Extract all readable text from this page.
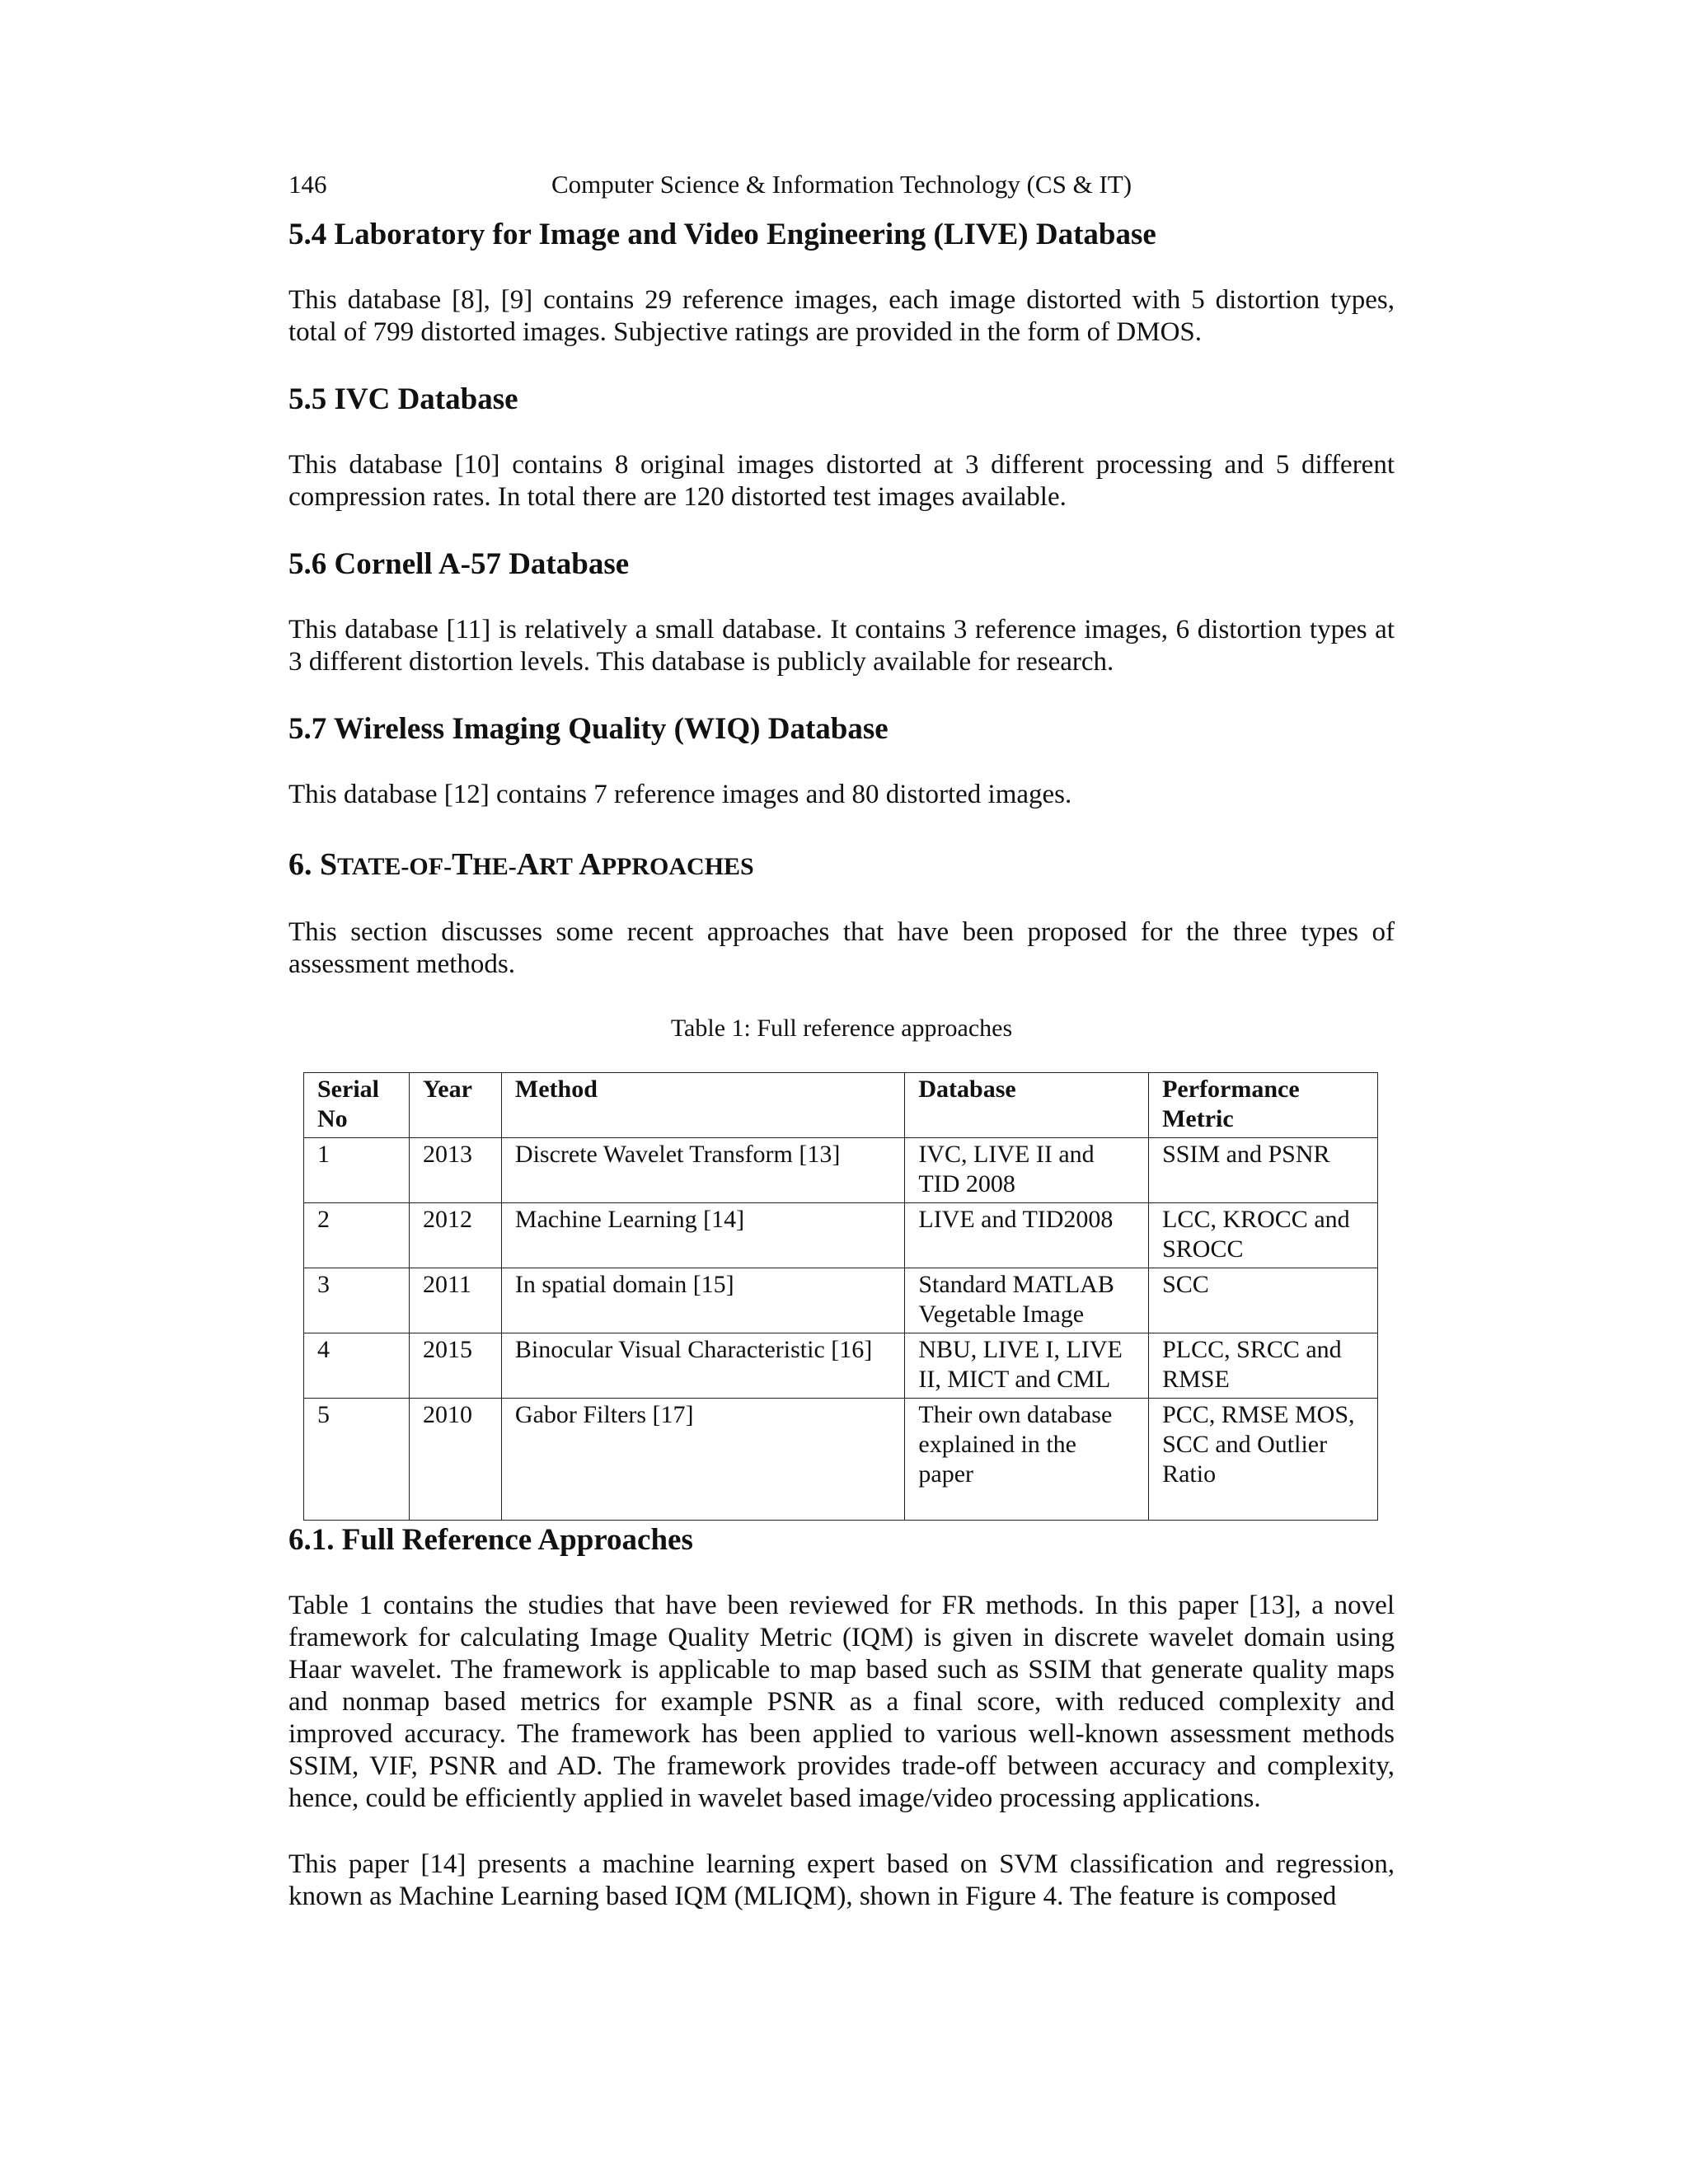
146	Computer Science & Information Technology (CS & IT)
5.4 Laboratory for Image and Video Engineering (LIVE) Database

This database [8], [9] contains 29 reference images, each image distorted with 5 distortion types, total of 799 distorted images. Subjective ratings are provided in the form of DMOS.

5.5 IVC Database

This database [10] contains 8 original images distorted at 3 different processing and 5 different compression rates. In total there are 120 distorted test images available.

5.6 Cornell A-57 Database

This database [11] is relatively a small database. It contains 3 reference images, 6 distortion types at 3 different distortion levels. This database is publicly available for research.

5.7 Wireless Imaging Quality (WIQ) Database

This database [12] contains 7 reference images and 80 distorted images.

6. STATE-OF-THE-ART APPROACHES

This section discusses some recent approaches that have been proposed for the three types of assessment methods.

Table 1: Full reference approaches
Serial No	Year	Method	Database	Performance Metric
1	2013	Discrete Wavelet Transform [13]	IVC, LIVE II and TID 2008	SSIM and PSNR
2	2012	Machine Learning [14]	LIVE and TID2008	LCC, KROCC and SROCC
3	2011	In spatial domain [15]	Standard MATLAB Vegetable Image	SCC
4	2015	Binocular Visual Characteristic [16]	NBU, LIVE I, LIVE II, MICT and CML	PLCC, SRCC and RMSE
5	2010	Gabor Filters [17]	Their own database explained in the paper	PCC, RMSE MOS, SCC and Outlier Ratio
6.1. Full Reference Approaches

Table 1 contains the studies that have been reviewed for FR methods. In this paper [13], a novel framework for calculating Image Quality Metric (IQM) is given in discrete wavelet domain using Haar wavelet. The framework is applicable to map based such as SSIM that generate quality maps and nonmap based metrics for example PSNR as a final score, with reduced complexity and improved accuracy. The framework has been applied to various well-known assessment methods SSIM, VIF, PSNR and AD. The framework provides trade-off between accuracy and complexity, hence, could be efficiently applied in wavelet based image/video processing applications.

This paper [14] presents a machine learning expert based on SVM classification and regression, known as Machine Learning based IQM (MLIQM), shown in Figure 4. The feature is composed
